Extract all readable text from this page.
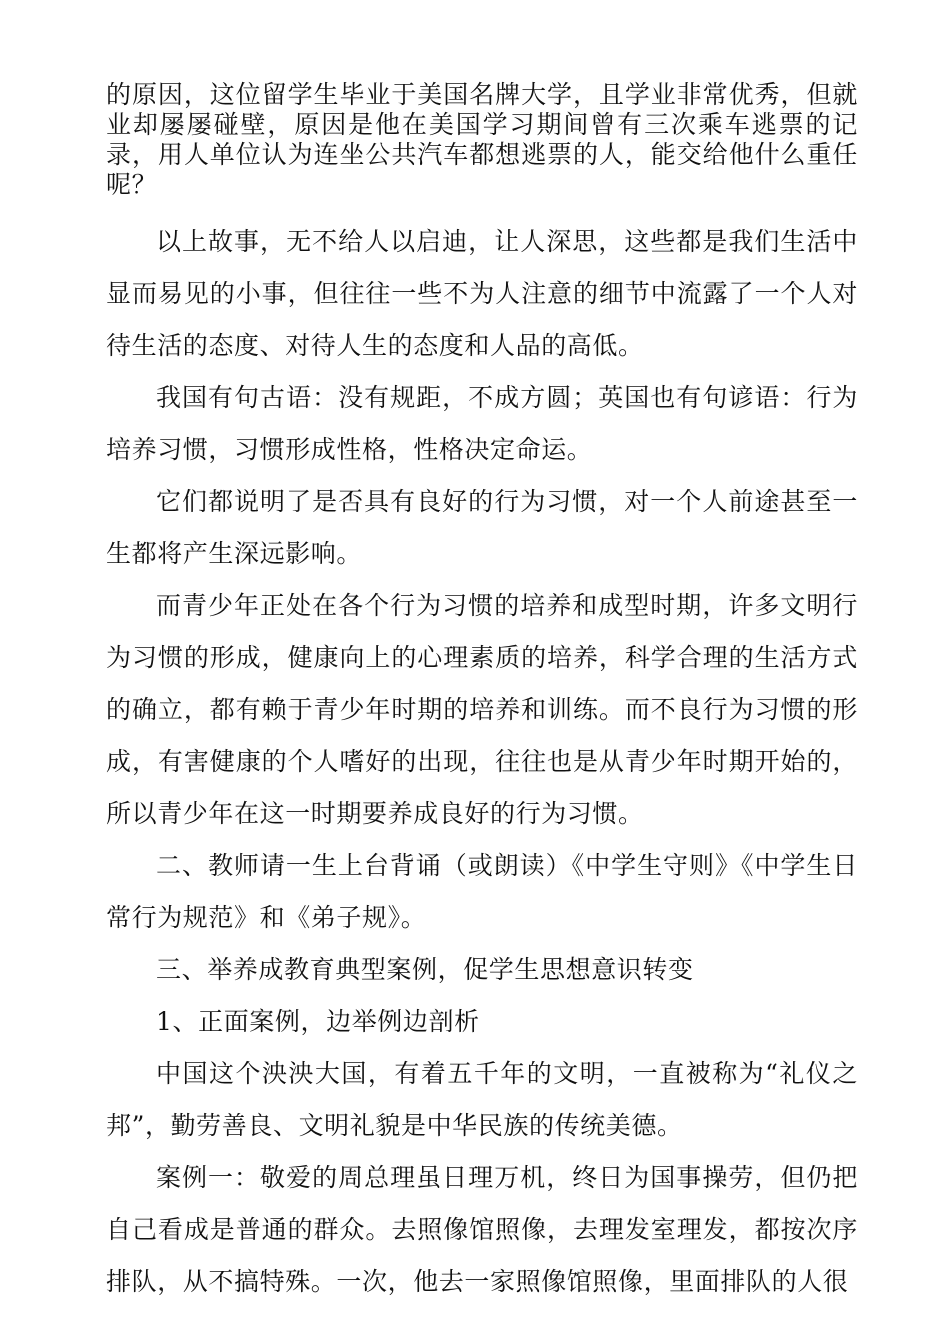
的原因，这位留学生毕业于美国名牌大学，且学业非常优秀，但就业却屡屡碰壁，原因是他在美国学习期间曾有三次乘车逃票的记录，用人单位认为连坐公共汽车都想逃票的人，能交给他什么重任呢？

以上故事，无不给人以启迪，让人深思，这些都是我们生活中显而易见的小事，但往往一些不为人注意的细节中流露了一个人对待生活的态度、对待人生的态度和人品的高低。

我国有句古语：没有规距，不成方圆；英国也有句谚语：行为培养习惯，习惯形成性格，性格决定命运。

它们都说明了是否具有良好的行为习惯，对一个人前途甚至一生都将产生深远影响。

而青少年正处在各个行为习惯的培养和成型时期，许多文明行为习惯的形成，健康向上的心理素质的培养，科学合理的生活方式的确立，都有赖于青少年时期的培养和训练。而不良行为习惯的形成，有害健康的个人嗜好的出现，往往也是从青少年时期开始的，所以青少年在这一时期要养成良好的行为习惯。

二、教师请一生上台背诵（或朗读）《中学生守则》《中学生日常行为规范》和《弟子规》。

三、举养成教育典型案例，促学生思想意识转变

1、正面案例，边举例边剖析

中国这个泱泱大国，有着五千年的文明，一直被称为“礼仪之邦”，勤劳善良、文明礼貌是中华民族的传统美德。

案例一：敬爱的周总理虽日理万机，终日为国事操劳，但仍把自己看成是普通的群众。去照像馆照像，去理发室理发，都按次序排队，从不搞特殊。一次，他去一家照像馆照像，里面排队的人很
